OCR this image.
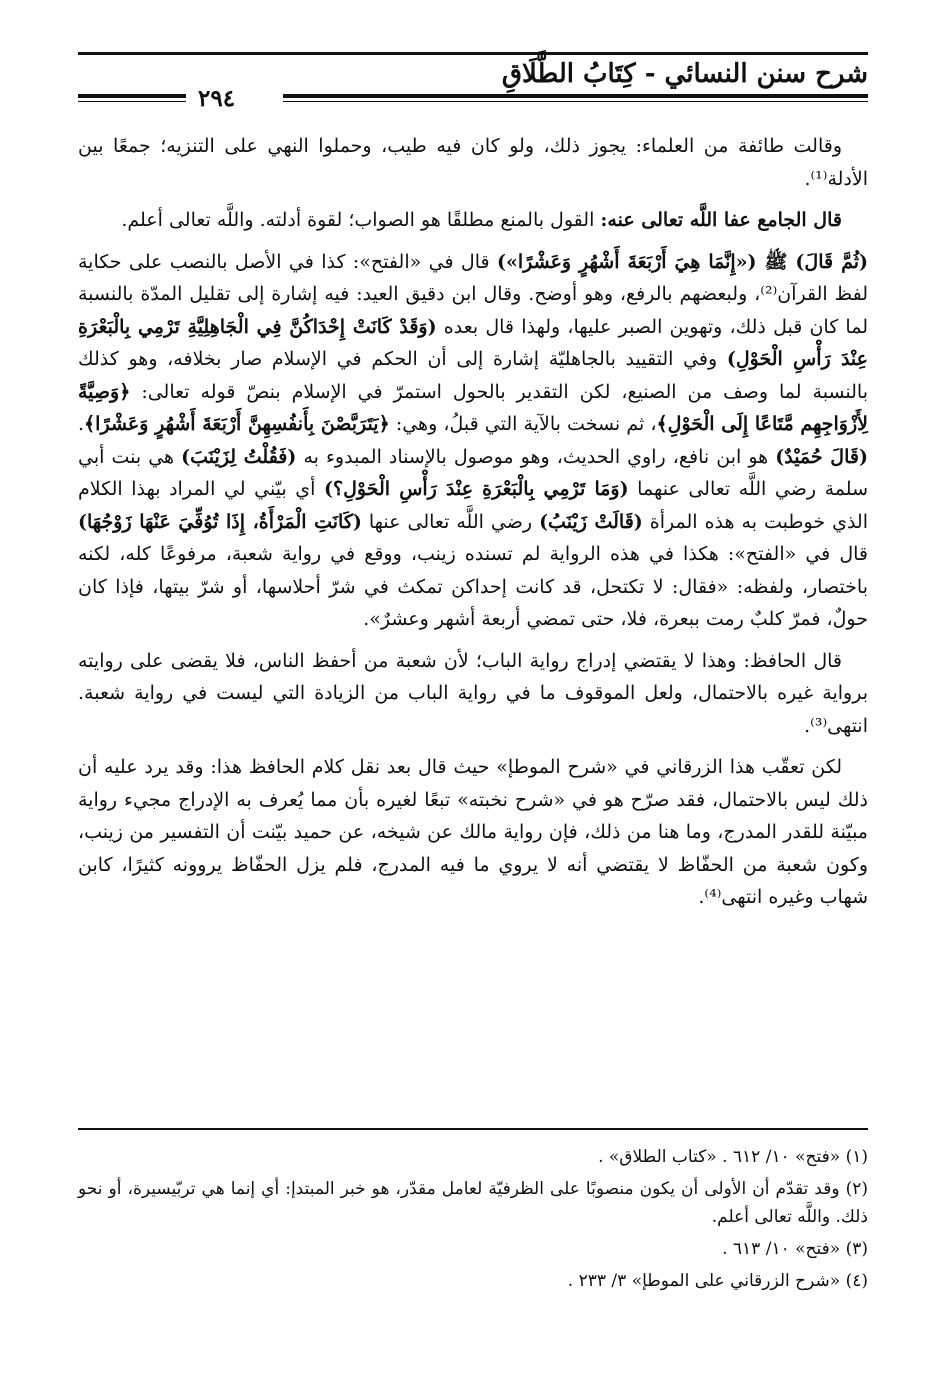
شرح سنن النسائي - كِتَابُ الطَّلَاقِ
٢٩٤

وقالت طائفة من العلماء: يجوز ذلك، ولو كان فيه طيب، وحملوا النهي على التنزيه؛ جمعًا بين الأدلة⁽¹⁾.

قال الجامع عفا اللَّه تعالى عنه: القول بالمنع مطلقًا هو الصواب؛ لقوة أدلته. واللَّه تعالى أعلم.

(ثُمَّ قَالَ) ﷺ («إِنَّمَا هِيَ أَرْبَعَةَ أَشْهُرٍ وَعَشْرًا») قال في «الفتح»: كذا في الأصل بالنصب على حكاية لفظ القرآن⁽²⁾، ولبعضهم بالرفع، وهو أوضح. وقال ابن دقيق العيد: فيه إشارة إلى تقليل المدّة بالنسبة لما كان قبل ذلك، وتهوين الصبر عليها، ولهذا قال بعده (وَقَدْ كَانَتْ إِحْدَاكُنَّ فِي الْجَاهِلِيَّةِ تَرْمِي بِالْبَعْرَةِ عِنْدَ رَأْسِ الْحَوْلِ) وفي التقييد بالجاهليّة إشارة إلى أن الحكم في الإسلام صار بخلافه، وهو كذلك بالنسبة لما وصف من الصنيع، لكن التقدير بالحول استمرّ في الإسلام بنصّ قوله تعالى: ﴿وَصِيَّةً لِأَزْوَاجِهِم مَّتَاعًا إِلَى الْحَوْلِ﴾، ثم نسخت بالآية التي قبلُ، وهي: ﴿يَتَرَبَّصْنَ بِأَنفُسِهِنَّ أَرْبَعَةَ أَشْهُرٍ وَعَشْرًا﴾. (قَالَ حُمَيْدٌ) هو ابن نافع، راوي الحديث، وهو موصول بالإسناد المبدوء به (فَقُلْتُ لِزَيْنَبَ) هي بنت أبي سلمة رضي اللَّه تعالى عنهما (وَمَا تَرْمِي بِالْبَعْرَةِ عِنْدَ رَأْسِ الْحَوْلِ؟) أي بيّني لي المراد بهذا الكلام الذي خوطبت به هذه المرأة (قَالَتْ زَيْنَبُ) رضي اللَّه تعالى عنها (كَانَتِ الْمَرْأَةُ، إِذَا تُوُفِّيَ عَنْهَا زَوْجُهَا) قال في «الفتح»: هكذا في هذه الرواية لم تسنده زينب، ووقع في رواية شعبة، مرفوعًا كله، لكنه باختصار، ولفظه: «فقال: لا تكتحل، قد كانت إحداكن تمكث في شرّ أحلاسها، أو شرّ بيتها، فإذا كان حولٌ، فمرّ كلبٌ رمت ببعرة، فلا، حتى تمضي أربعة أشهر وعشرٌ».

قال الحافظ: وهذا لا يقتضي إدراج رواية الباب؛ لأن شعبة من أحفظ الناس، فلا يقضى على روايته برواية غيره بالاحتمال، ولعل الموقوف ما في رواية الباب من الزيادة التي ليست في رواية شعبة. انتهى⁽³⁾.

لكن تعقّب هذا الزرقاني في «شرح الموطإ» حيث قال بعد نقل كلام الحافظ هذا: وقد يرد عليه أن ذلك ليس بالاحتمال، فقد صرّح هو في «شرح نخبته» تبعًا لغيره بأن مما يُعرف به الإدراج مجيء رواية مبيّنة للقدر المدرج، وما هنا من ذلك، فإن رواية مالك عن شيخه، عن حميد بيّنت أن التفسير من زينب، وكون شعبة من الحفّاظ لا يقتضي أنه لا يروي ما فيه المدرج، فلم يزل الحفّاظ يروونه كثيرًا، كابن شهاب وغيره انتهى⁽⁴⁾.

(١) «فتح» ١٠/ ٦١٢ . «كتاب الطلاق» .

(٢) وقد تقدّم أن الأولى أن يكون منصوبًا على الظرفيّة لعامل مقدّر، هو خبر المبتدإ: أي إنما هي تربّيسيرة، أو نحو ذلك. واللَّه تعالى أعلم.

(٣) «فتح» ١٠/ ٦١٣ .

(٤) «شرح الزرقاني على الموطإ» ٣/ ٢٣٣ .
